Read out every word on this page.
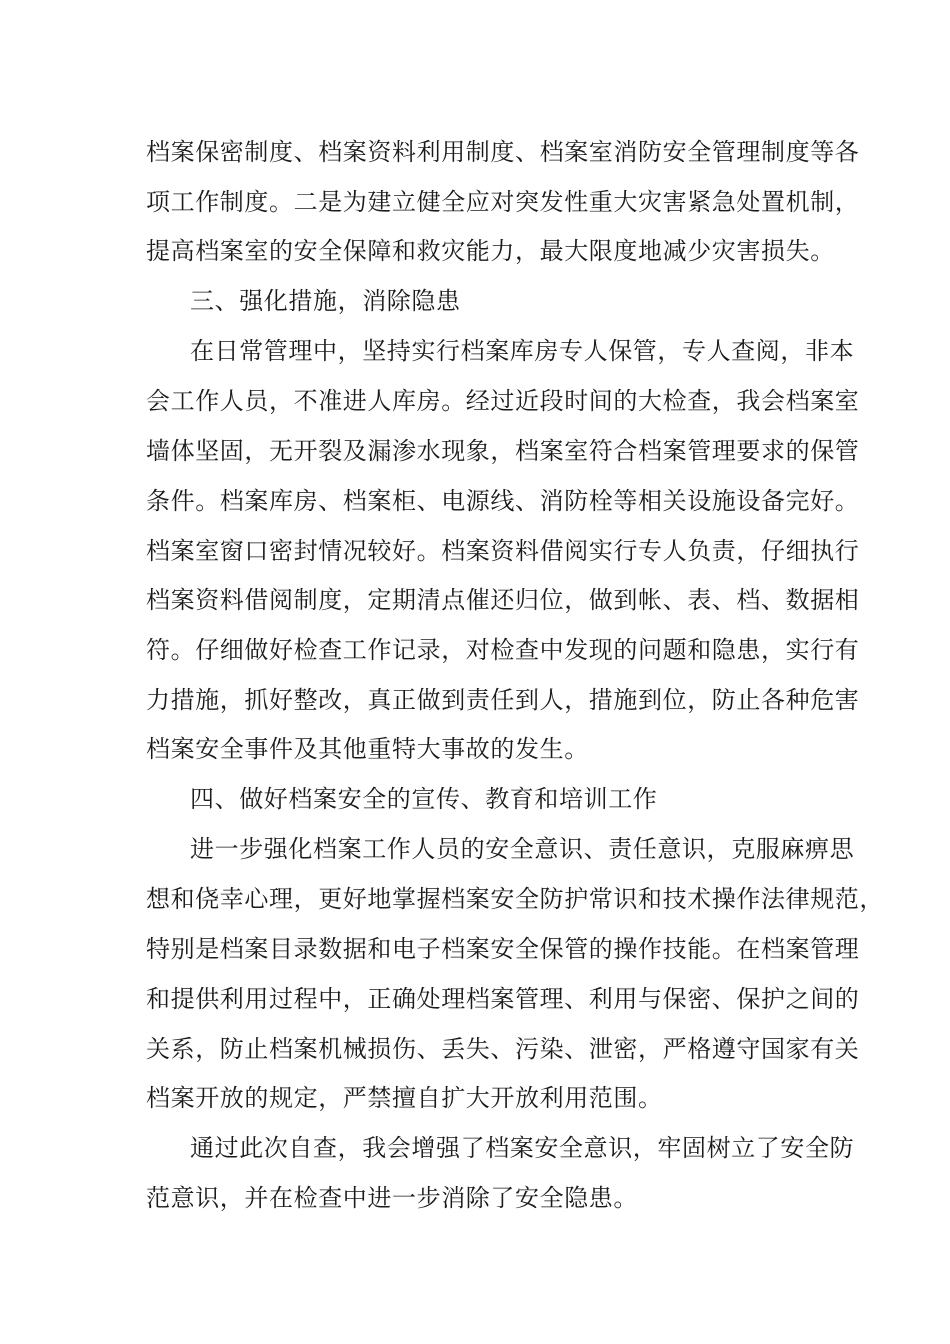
档案保密制度、档案资料利用制度、档案室消防安全管理制度等各
项工作制度。二是为建立健全应对突发性重大灾害紧急处置机制，
提高档案室的安全保障和救灾能力，最大限度地减少灾害损失。
三、强化措施，消除隐患
在日常管理中，坚持实行档案库房专人保管，专人查阅，非本
会工作人员，不准进人库房。经过近段时间的大检查，我会档案室
墙体坚固，无开裂及漏渗水现象，档案室符合档案管理要求的保管
条件。档案库房、档案柜、电源线、消防栓等相关设施设备完好。
档案室窗口密封情况较好。档案资料借阅实行专人负责，仔细执行
档案资料借阅制度，定期清点催还归位，做到帐、表、档、数据相
符。仔细做好检查工作记录，对检查中发现的问题和隐患，实行有
力措施，抓好整改，真正做到责任到人，措施到位，防止各种危害
档案安全事件及其他重特大事故的发生。
四、做好档案安全的宣传、教育和培训工作
进一步强化档案工作人员的安全意识、责任意识，克服麻痹思
想和侥幸心理，更好地掌握档案安全防护常识和技术操作法律规范，
特别是档案目录数据和电子档案安全保管的操作技能。在档案管理
和提供利用过程中，正确处理档案管理、利用与保密、保护之间的
关系，防止档案机械损伤、丢失、污染、泄密，严格遵守国家有关
档案开放的规定，严禁擅自扩大开放利用范围。
通过此次自查，我会增强了档案安全意识，牢固树立了安全防
范意识，并在检查中进一步消除了安全隐患。
